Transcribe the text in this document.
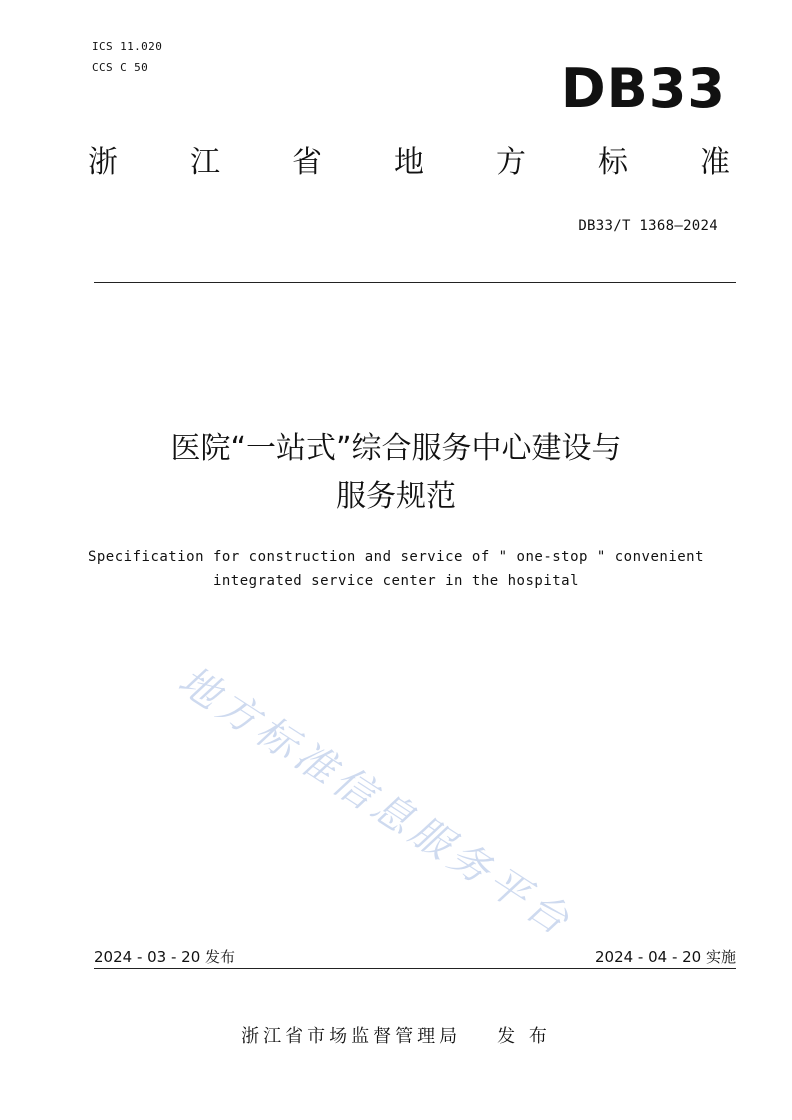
ICS 11.020
CCS C 50	DB33
浙 江 省 地 方 标 准
DB33/T 1368—2024
医院“一站式”综合服务中心建设与
服务规范
Specification for construction and service of " one-stop " convenient
integrated service center in the hospital
地方标准信息服务平台
2024 - 03 - 20 发布	2024 - 04 - 20 实施
浙江省市场监督管理局 发 布
